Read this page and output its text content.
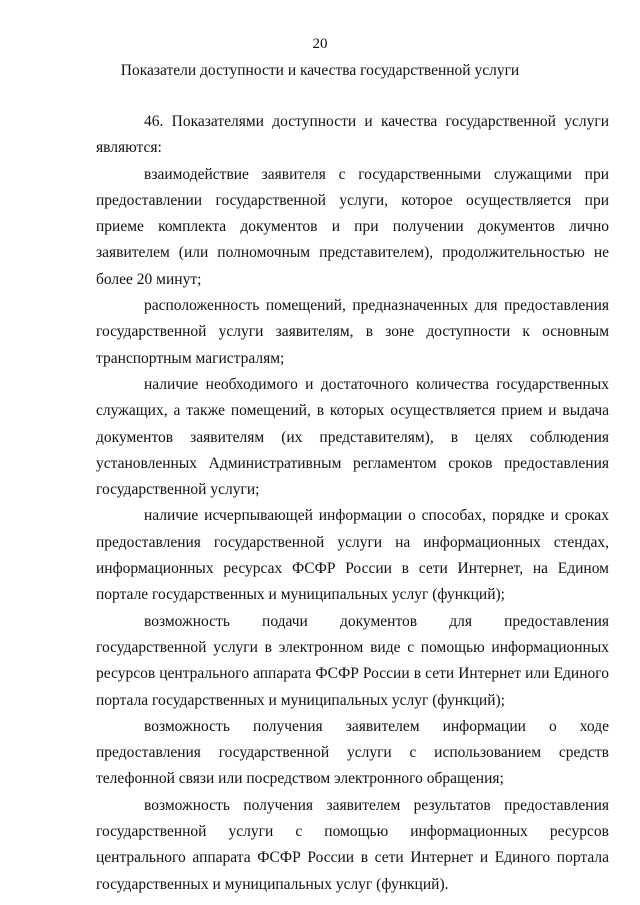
20
Показатели доступности и качества государственной услуги

46. Показателями доступности и качества государственной услуги являются:

взаимодействие заявителя с государственными служащими при предоставлении государственной услуги, которое осуществляется при приеме комплекта документов и при получении документов лично заявителем (или полномочным представителем), продолжительностью не более 20 минут;

расположенность помещений, предназначенных для предоставления государственной услуги заявителям, в зоне доступности к основным транспортным магистралям;

наличие необходимого и достаточного количества государственных служащих, а также помещений, в которых осуществляется прием и выдача документов заявителям (их представителям), в целях соблюдения установленных Административным регламентом сроков предоставления государственной услуги;

наличие исчерпывающей информации о способах, порядке и сроках предоставления государственной услуги на информационных стендах, информационных ресурсах ФСФР России в сети Интернет, на Едином портале государственных и муниципальных услуг (функций);

возможность подачи документов для предоставления государственной услуги в электронном виде с помощью информационных ресурсов центрального аппарата ФСФР России в сети Интернет или Единого портала государственных и муниципальных услуг (функций);

возможность получения заявителем информации о ходе предоставления государственной услуги с использованием средств телефонной связи или посредством электронного обращения;

возможность получения заявителем результатов предоставления государственной услуги с помощью информационных ресурсов центрального аппарата ФСФР России в сети Интернет и Единого портала государственных и муниципальных услуг (функций).
